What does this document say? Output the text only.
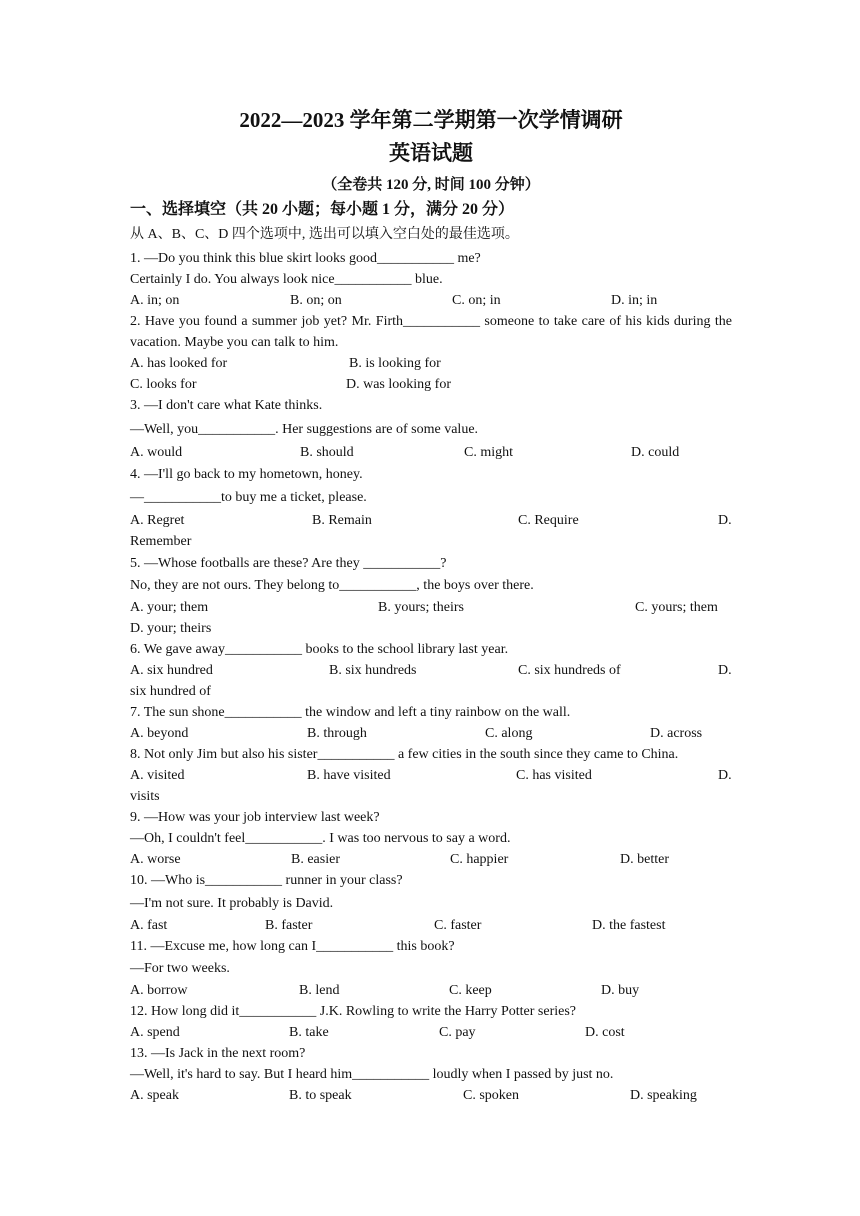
2022—2023 学年第二学期第一次学情调研
英语试题
（全卷共 120 分, 时间 100 分钟）
一、选择填空（共 20 小题；每小题 1 分，满分 20 分）
从 A、B、C、D 四个选项中, 选出可以填入空白处的最佳选项。
1. —Do you think this blue skirt looks good___________ me?
Certainly I do. You always look nice___________ blue.
A. in; on	B. on; on	C. on; in	D. in; in
2. Have you found a summer job yet? Mr. Firth___________ someone to take care of his kids during the vacation. Maybe you can talk to him.
A. has looked for	B. is looking for
C. looks for	D. was looking for
3. —I don't care what Kate thinks.
—Well, you___________. Her suggestions are of some value.
A. would	B. should	C. might	D. could
4. —I'll go back to my hometown, honey.
—___________to buy me a ticket, please.
A. Regret	B. Remain	C. Require	D.
Remember
5. —Whose footballs are these? Are they ___________?
No, they are not ours. They belong to___________, the boys over there.
A. your; them	B. yours; theirs	C. yours; them
D. your; theirs
6. We gave away___________ books to the school library last year.
A. six hundred	B. six hundreds	C. six hundreds of	D.
six hundred of
7. The sun shone___________ the window and left a tiny rainbow on the wall.
A. beyond	B. through	C. along	D. across
8. Not only Jim but also his sister___________ a few cities in the south since they came to China.
A. visited	B. have visited	C. has visited	D.
visits
9. —How was your job interview last week?
—Oh, I couldn't feel___________. I was too nervous to say a word.
A. worse	B. easier	C. happier	D. better
10. —Who is___________ runner in your class?
—I'm not sure. It probably is David.
A. fast	B. faster	C. faster	D. the fastest
11. —Excuse me, how long can I___________ this book?
—For two weeks.
A. borrow	B. lend	C. keep	D. buy
12. How long did it___________ J.K. Rowling to write the Harry Potter series?
A. spend	B. take	C. pay	D. cost
13. —Is Jack in the next room?
—Well, it's hard to say. But I heard him___________ loudly when I passed by just no.
A. speak	B. to speak	C. spoken	D. speaking
